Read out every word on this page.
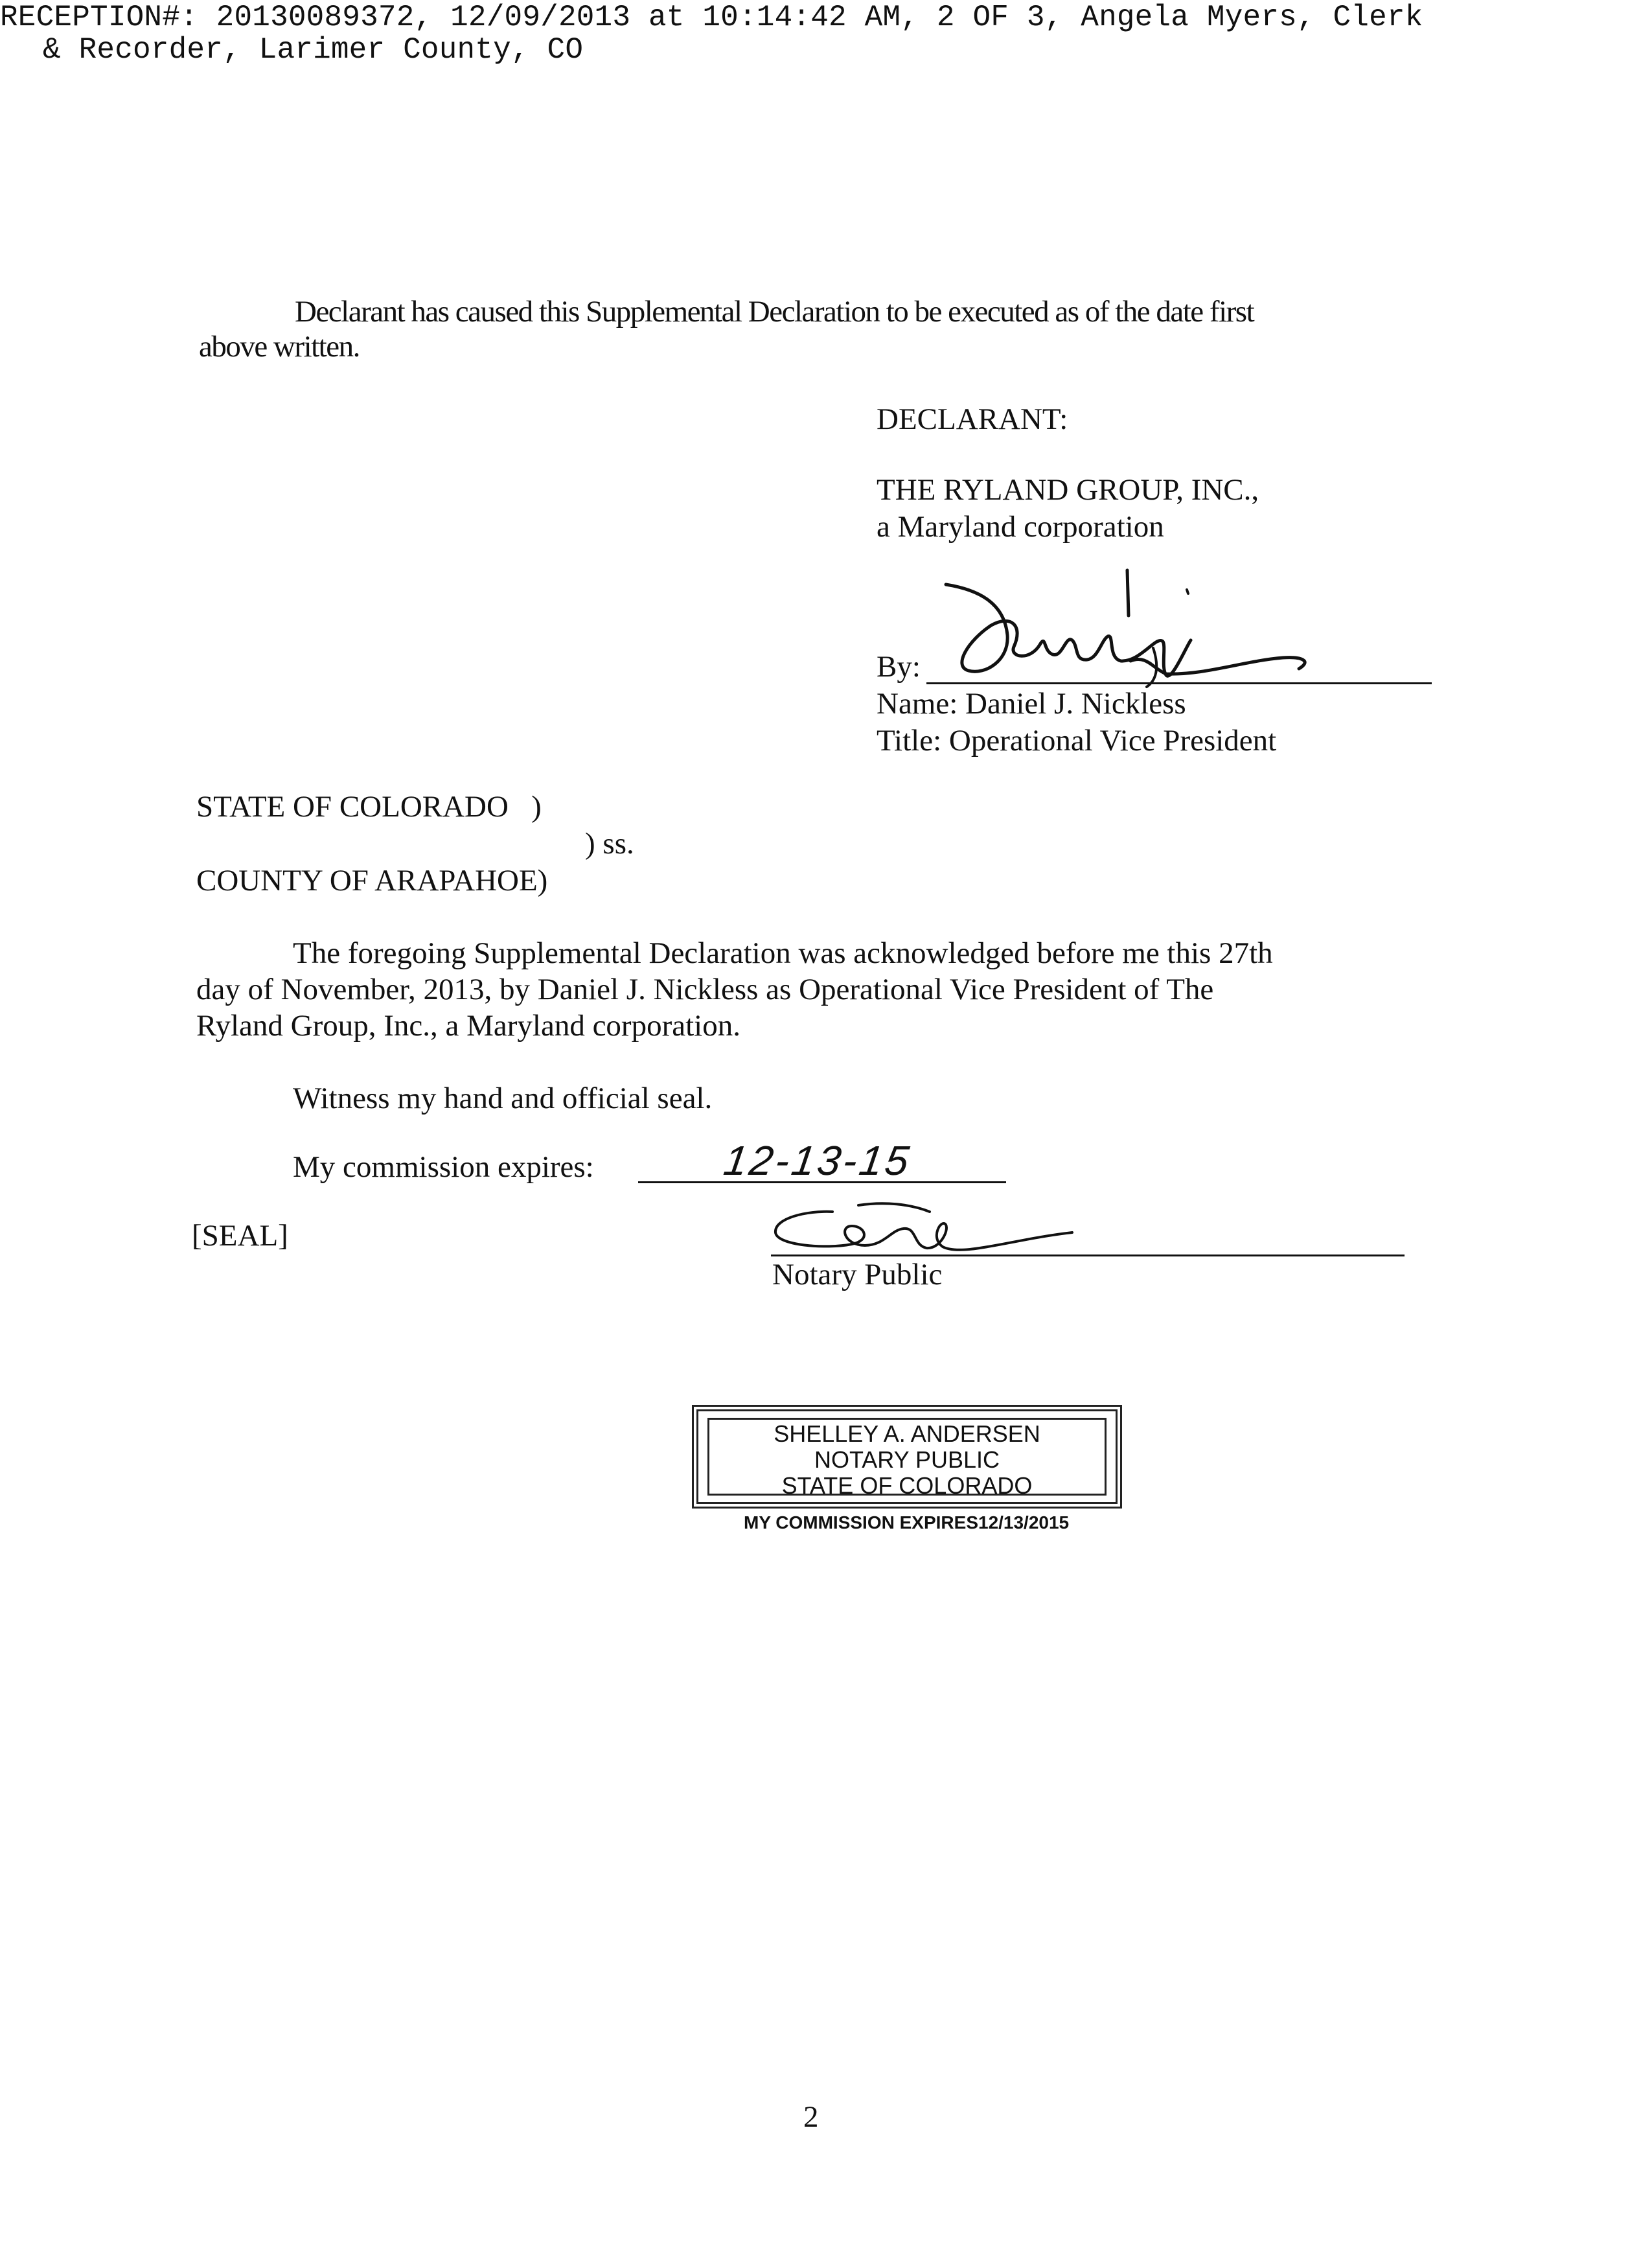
RECEPTION#: 20130089372, 12/09/2013 at 10:14:42 AM, 2 OF 3, Angela Myers, Clerk
& Recorder, Larimer County, CO
Declarant has caused this Supplemental Declaration to be executed as of the date first
above written.
DECLARANT:
THE RYLAND GROUP, INC.,
a Maryland corporation
By:
Name: Daniel J. Nickless
Title: Operational Vice President
STATE OF COLORADO   )
) ss.
COUNTY OF ARAPAHOE)
The foregoing Supplemental Declaration was acknowledged before me this 27th
day of November, 2013, by Daniel J. Nickless as Operational Vice President of The
Ryland Group, Inc., a Maryland corporation.
Witness my hand and official seal.
My commission expires:	12-13-15
[SEAL]
Notary Public
SHELLEY A. ANDERSEN
NOTARY PUBLIC
STATE OF COLORADO
MY COMMISSION EXPIRES12/13/2015
2
